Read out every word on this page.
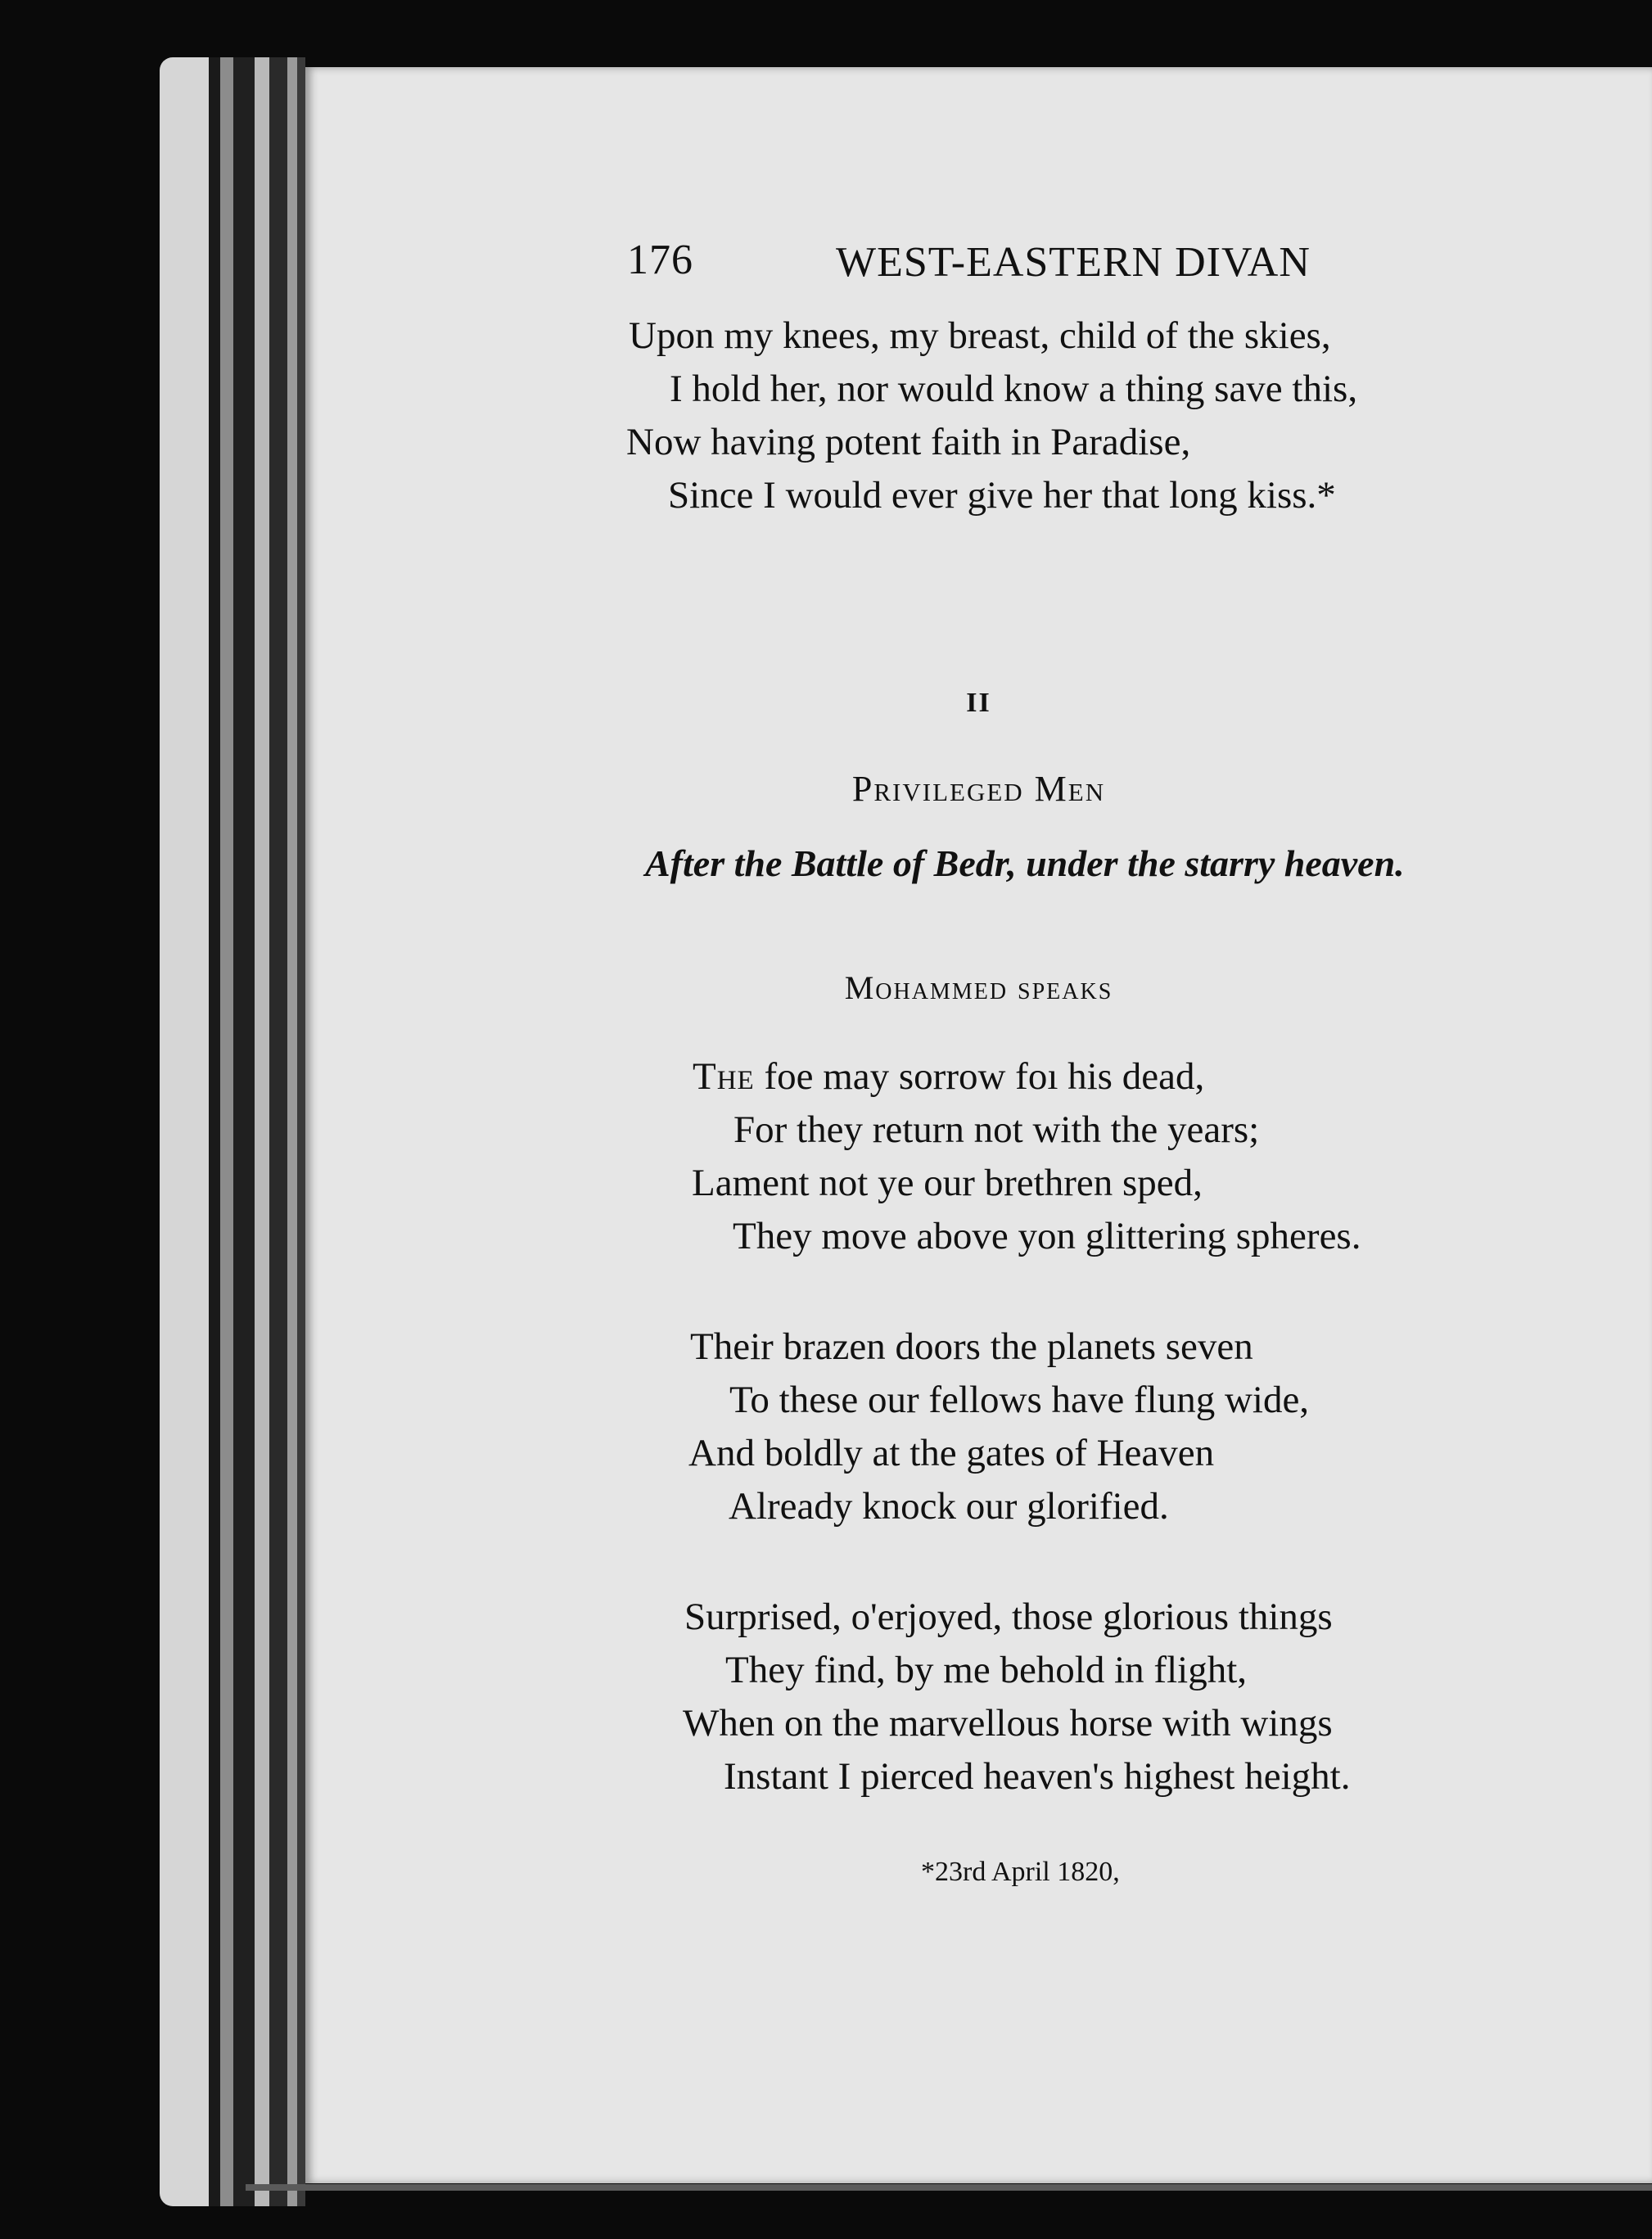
176	WEST-EASTERN DIVAN
Upon my knees, my breast, child of the skies,
I hold her, nor would know a thing save this,
Now having potent faith in Paradise,
Since I would ever give her that long kiss.*
II
Privileged Men
After the Battle of Bedr, under the starry heaven.
Mohammed speaks
The foe may sorrow foı his dead,
For they return not with the years;
Lament not ye our brethren sped,
They move above yon glittering spheres.
Their brazen doors the planets seven
To these our fellows have flung wide,
And boldly at the gates of Heaven
Already knock our glorified.
Surprised, o'erjoyed, those glorious things
They find, by me behold in flight,
When on the marvellous horse with wings
Instant I pierced heaven's highest height.
*23rd April 1820,
